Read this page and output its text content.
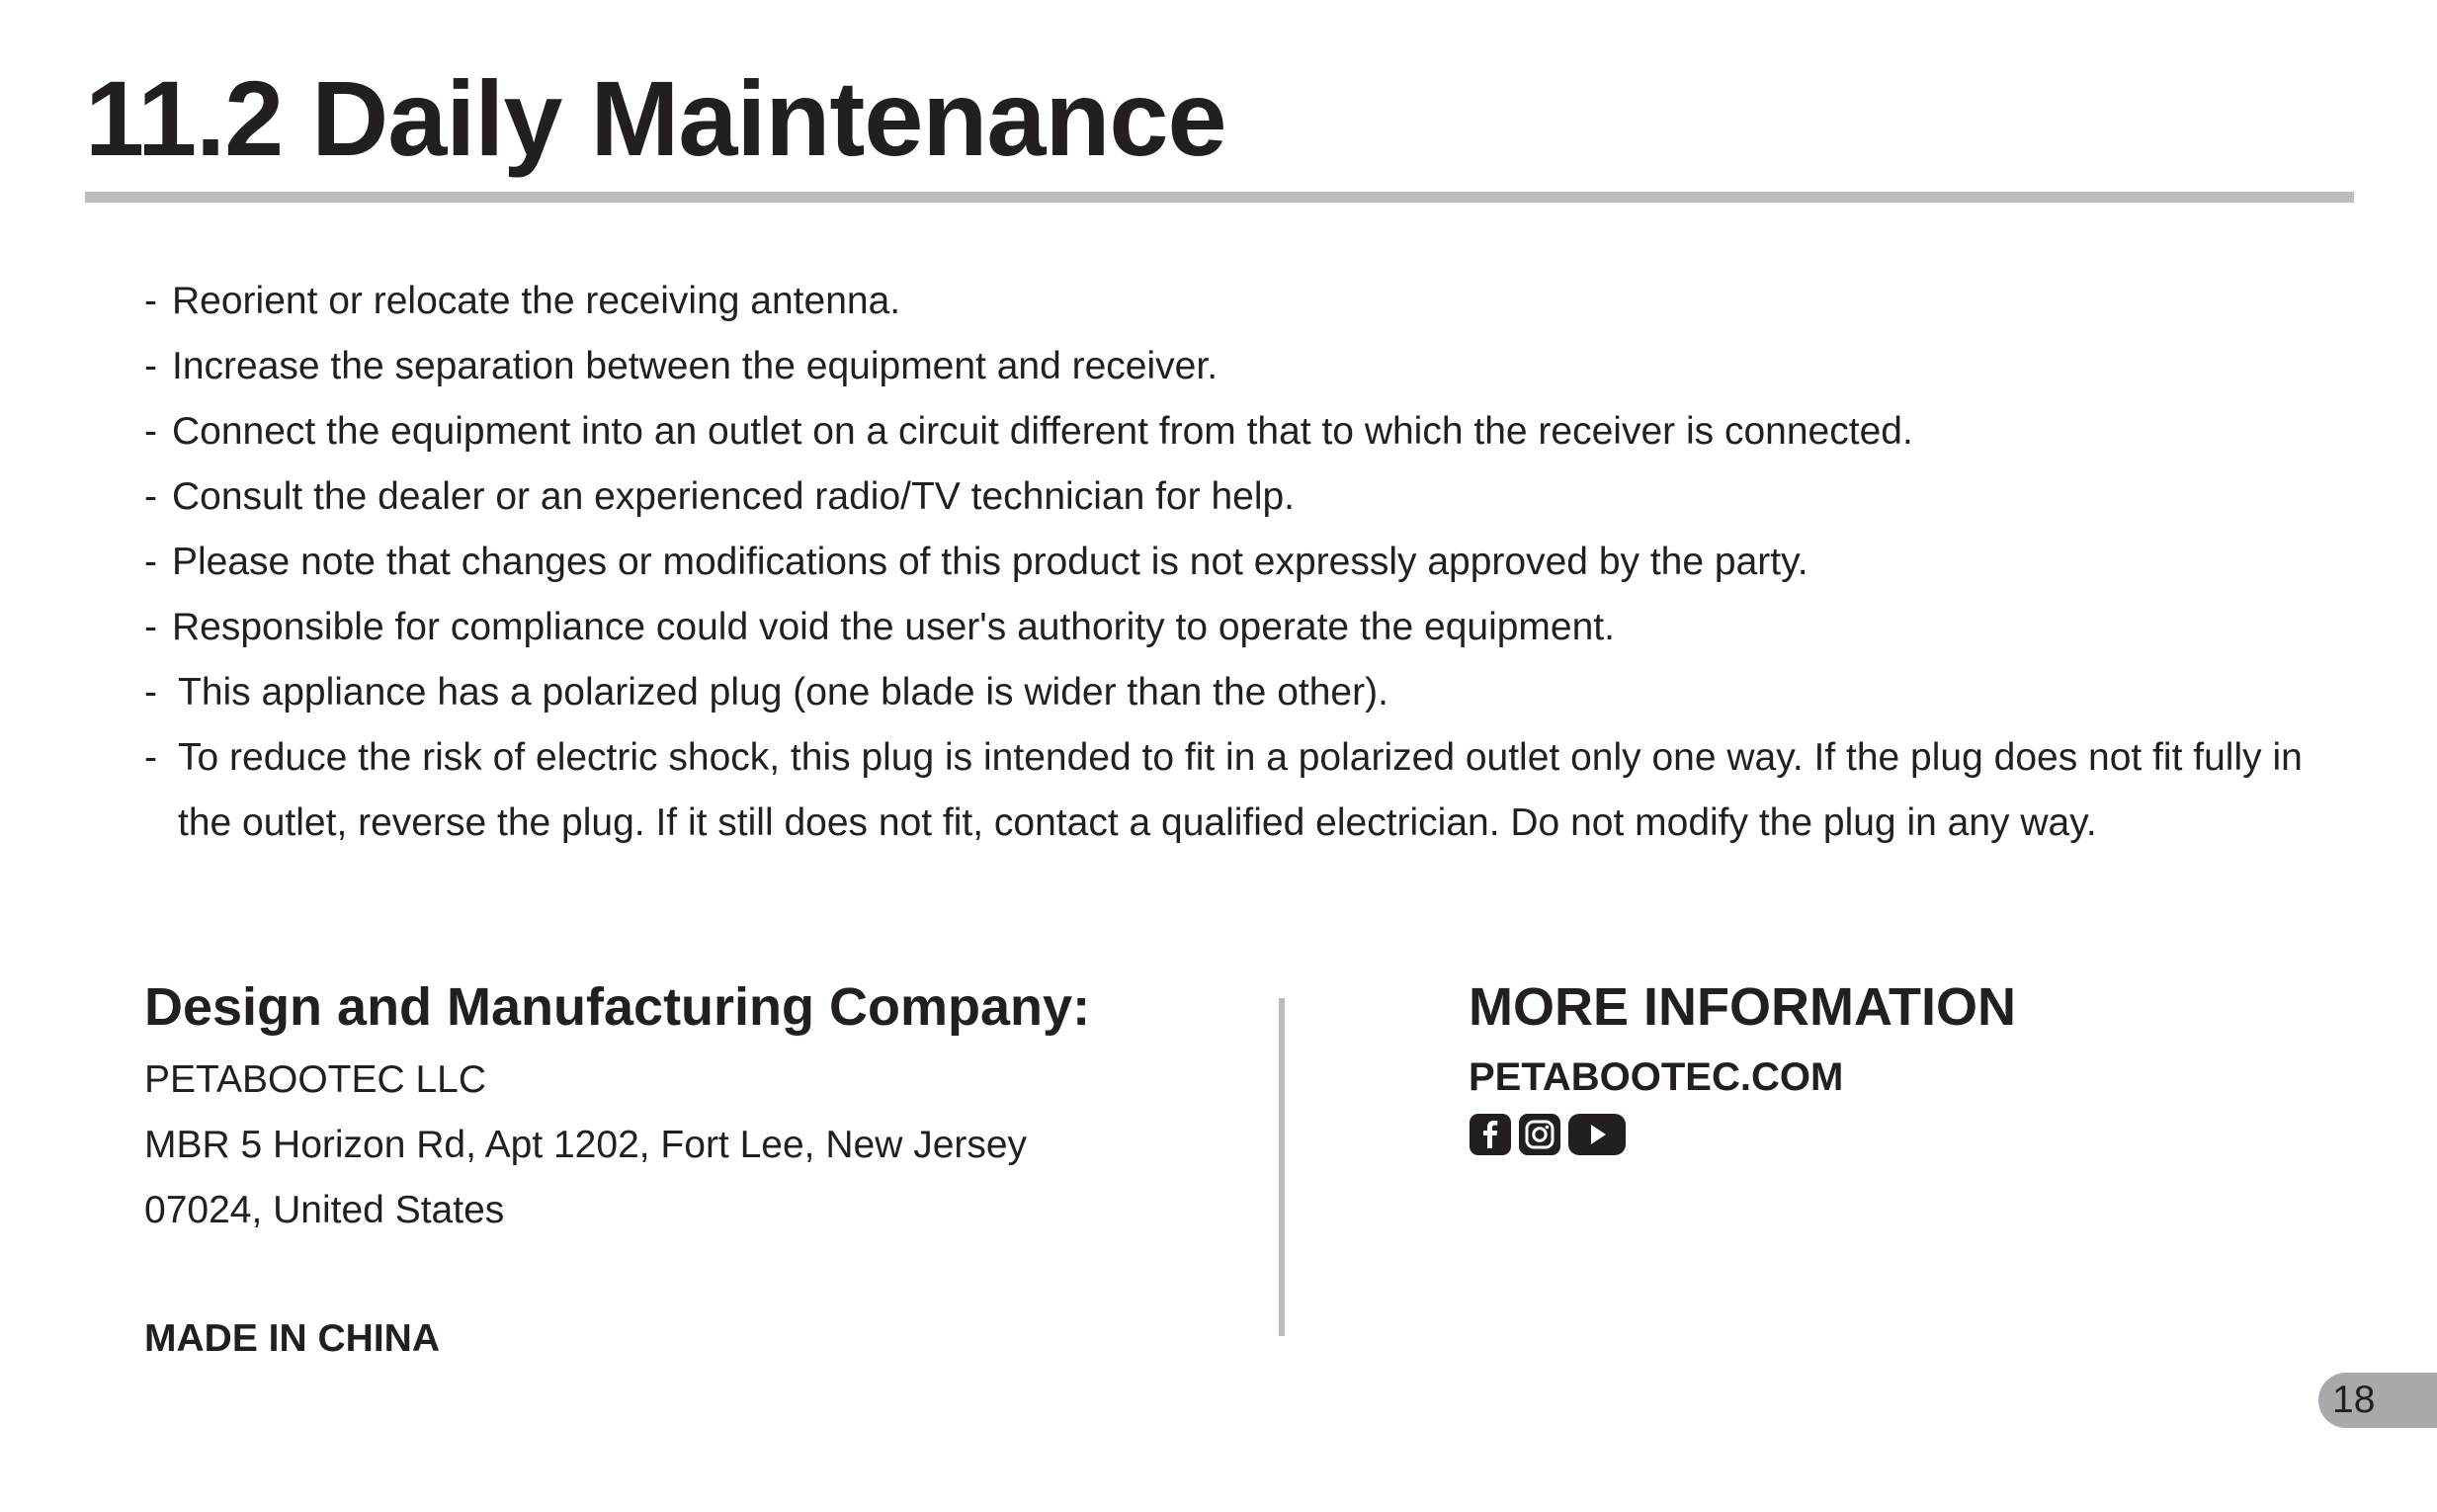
11.2 Daily Maintenance
- Reorient or relocate the receiving antenna.
- Increase the separation between the equipment and receiver.
- Connect the equipment into an outlet on a circuit different from that to which the receiver is connected.
- Consult the dealer or an experienced radio/TV technician for help.
- Please note that changes or modifications of this product is not expressly approved by the party.
- Responsible for compliance could void the user's authority to operate the equipment.
- This appliance has a polarized plug (one blade is wider than the other).
- To reduce the risk of electric shock, this plug is intended to fit in a polarized outlet only one way. If the plug does not fit fully in the outlet, reverse the plug. If it still does not fit, contact a qualified electrician. Do not modify the plug in any way.
Design and Manufacturing Company:
PETABOOTEC LLC
MBR 5 Horizon Rd, Apt 1202, Fort Lee, New Jersey
07024, United States
MADE IN CHINA
MORE INFORMATION
PETABOOTEC.COM
18
